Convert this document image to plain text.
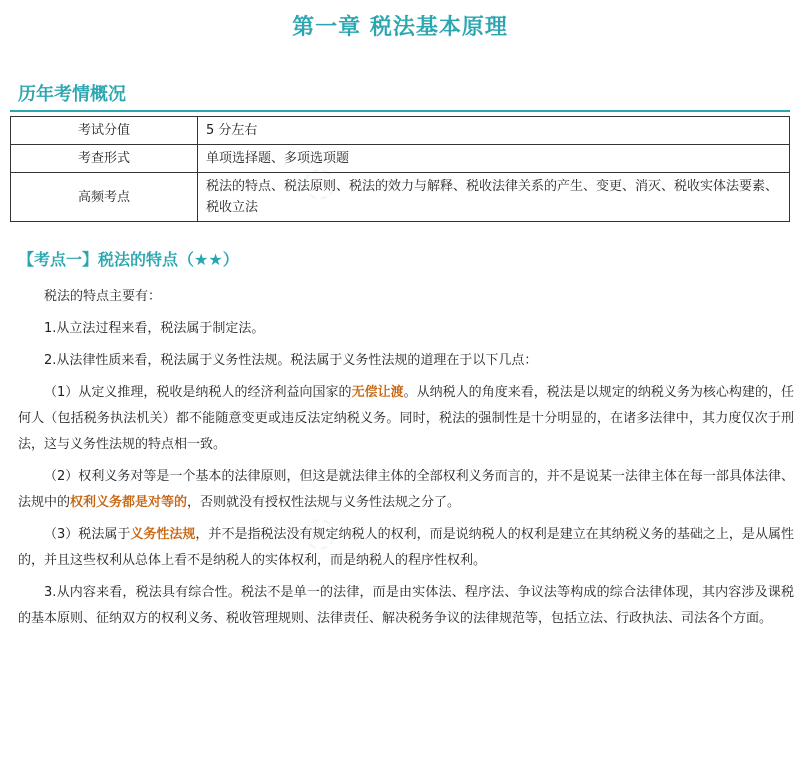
◌
◌
第一章 税法基本原理
历年考情概况
考试分值	5 分左右
考查形式	单项选择题、多项选项题
高频考点	税法的特点、税法原则、税法的效力与解释、税收法律关系的产生、变更、消灭、税收实体法要素、税收立法
【考点一】税法的特点（★★）

税法的特点主要有：

1.从立法过程来看，税法属于制定法。

2.从法律性质来看，税法属于义务性法规。税法属于义务性法规的道理在于以下几点：

（1）从定义推理，税收是纳税人的经济利益向国家的无偿让渡。从纳税人的角度来看，税法是以规定的纳税义务为核心构建的，任何人（包括税务执法机关）都不能随意变更或违反法定纳税义务。同时，税法的强制性是十分明显的，在诸多法律中，其力度仅次于刑法，这与义务性法规的特点相一致。

（2）权利义务对等是一个基本的法律原则，但这是就法律主体的全部权利义务而言的，并不是说某一法律主体在每一部具体法律、法规中的权利义务都是对等的，否则就没有授权性法规与义务性法规之分了。

（3）税法属于义务性法规，并不是指税法没有规定纳税人的权利，而是说纳税人的权利是建立在其纳税义务的基础之上，是从属性的，并且这些权利从总体上看不是纳税人的实体权利，而是纳税人的程序性权利。

3.从内容来看，税法具有综合性。税法不是单一的法律，而是由实体法、程序法、争议法等构成的综合法律体现，其内容涉及课税的基本原则、征纳双方的权利义务、税收管理规则、法律责任、解决税务争议的法律规范等，包括立法、行政执法、司法各个方面。
